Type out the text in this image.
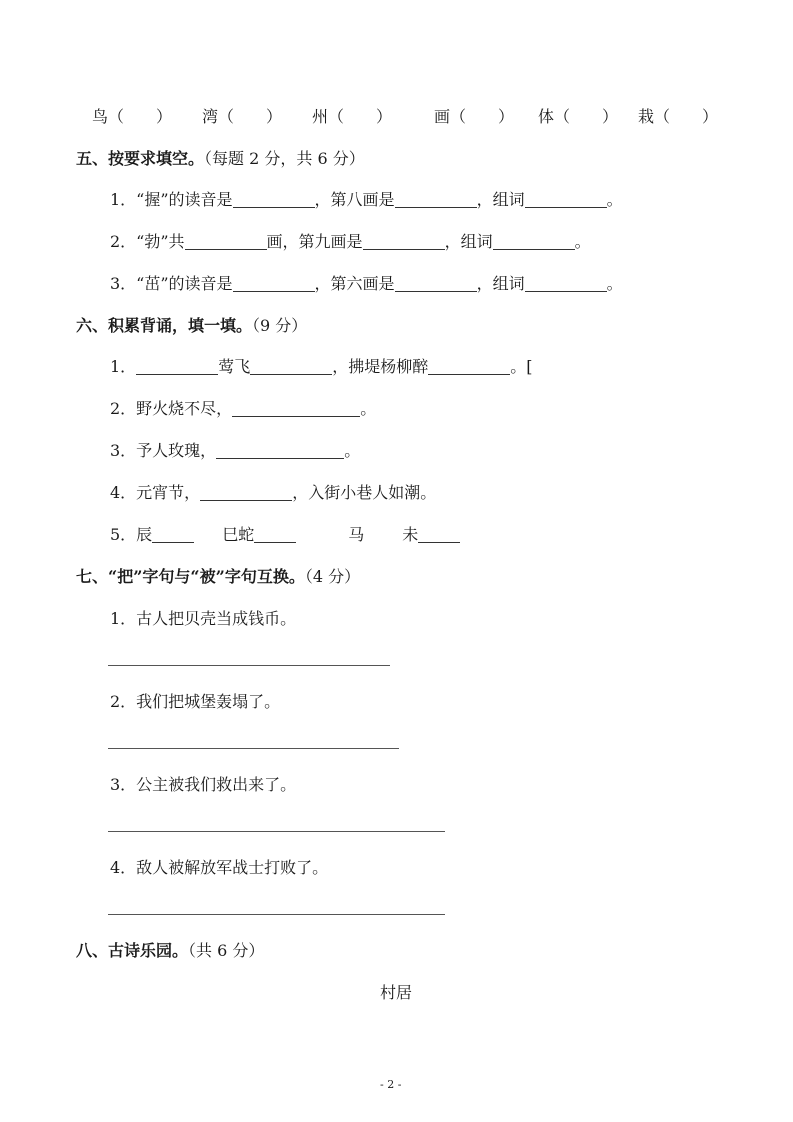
鸟（　　） 湾（　　） 州（　　）	画（　　） 体（　　） 栽（　　）
五、按要求填空。（每题 2 分，共 6 分）
1．“握”的读音是	，第八画是	，组词	。
2．“勃”共	画，第九画是	，组词	。
3．“茁”的读音是	，第六画是	，组词	。
六、积累背诵，填一填。（9 分）
1．	莺飞	，拂堤杨柳醉	。[
2．野火烧不尽，	。
3．予人玫瑰，	。
4．元宵节，	，入街小巷人如潮。
5．辰	巳蛇	马 未
七、“把”字句与“被”字句互换。（4 分）
1．古人把贝壳当成钱币。
2．我们把城堡轰塌了。
3．公主被我们救出来了。
4．敌人被解放军战士打败了。
八、古诗乐园。（共 6 分）
村居
- 2 -
